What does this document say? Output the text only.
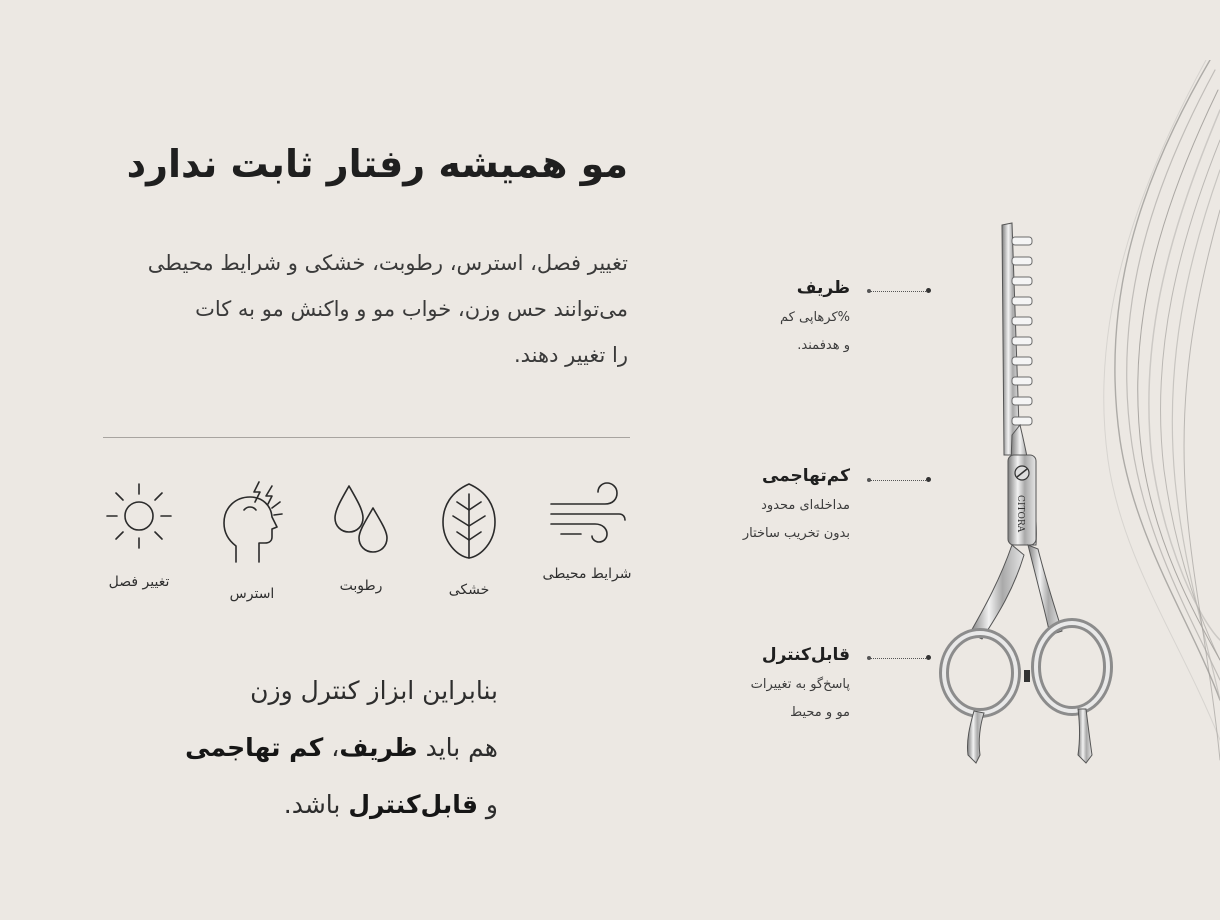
مو همیشه رفتار ثابت ندارد

تغییر فصل، استرس، رطوبت، خشکی و شرایط محیطی
می‌توانند حس وزن، خواب مو و واکنش مو به کات
را تغییر دهند.

تغییر فصل
استرس	رطوبت	خشکی
شرایط محیطی

بنابراین ابزاز کنترل وزن
هم باید ظریف، کم تهاجمی
و قابل‌کنترل باشد.

ظریف

%کرهاپی کم
و هدفمند.

کم‌تهاجمی

مداخله‌ای محدود
بدون تخریب ساختار

قابل‌کنترل

پاسخ‌گو به تغییرات
مو و محیط

CITORA
